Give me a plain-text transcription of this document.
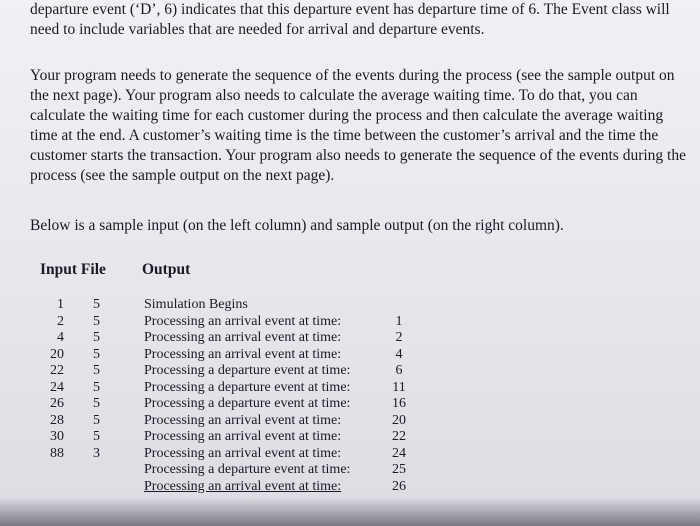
departure event (‘D’, 6) indicates that this departure event has departure time of 6. The Event class will need to include variables that are needed for arrival and departure events.
Your program needs to generate the sequence of the events during the process (see the sample output on the next page). Your program also needs to calculate the average waiting time. To do that, you can calculate the waiting time for each customer during the process and then calculate the average waiting time at the end. A customer’s waiting time is the time between the customer’s arrival and the time the customer starts the transaction. Your program also needs to generate the sequence of the events during the process (see the sample output on the next page).
Below is a sample input (on the left column) and sample output (on the right column).
Input File Output
1
2
4
20
22
24
26
28
30
88
5
5
5
5
5
5
5
5
5
3
Simulation Begins
Processing an arrival event at time:
Processing an arrival event at time:
Processing an arrival event at time:
Processing a departure event at time:
Processing a departure event at time:
Processing a departure event at time:
Processing an arrival event at time:
Processing an arrival event at time:
Processing an arrival event at time:
Processing a departure event at time:
Processing an arrival event at time:

1
2
4
6
11
16
20
22
24
25
26
